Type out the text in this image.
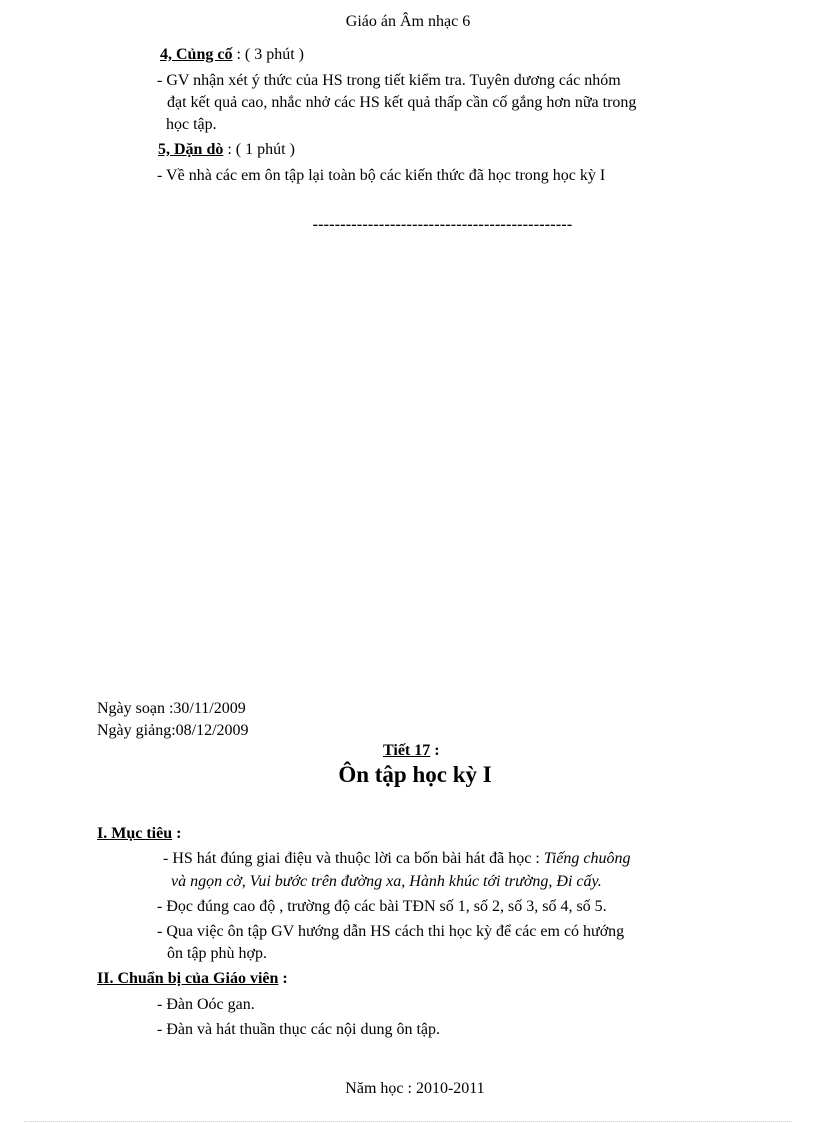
Giáo án Âm nhạc 6
4, Củng cố : ( 3 phút )
- GV nhận xét ý thức của HS trong tiết kiểm tra. Tuyên dương các nhóm
đạt kết quả cao, nhắc nhở các HS kết quả thấp cần cố gắng hơn nữa trong
học tập.
5, Dặn dò : ( 1 phút )
- Về nhà các em ôn tập lại toàn bộ các kiến thức đã học trong học kỳ I
-----------------------------------------------
Ngày soạn :30/11/2009
Ngày giảng:08/12/2009
Tiết 17 :
Ôn tập học kỳ I
I. Mục tiêu :
- HS hát đúng giai điệu và thuộc lời ca bốn bài hát đã học : Tiếng chuông
và ngọn cờ, Vui bước trên đường xa, Hành khúc tới trường, Đi cấy.
- Đọc đúng cao độ , trường độ các bài TĐN số 1, số 2, số 3, số 4, số 5.
- Qua việc ôn tập GV hướng dẫn HS cách thi học kỳ để các em có hướng
ôn tập phù hợp.
II. Chuẩn bị của Giáo viên :
- Đàn Oóc gan.
- Đàn và hát thuần thục các nội dung ôn tập.
Năm học : 2010-2011
